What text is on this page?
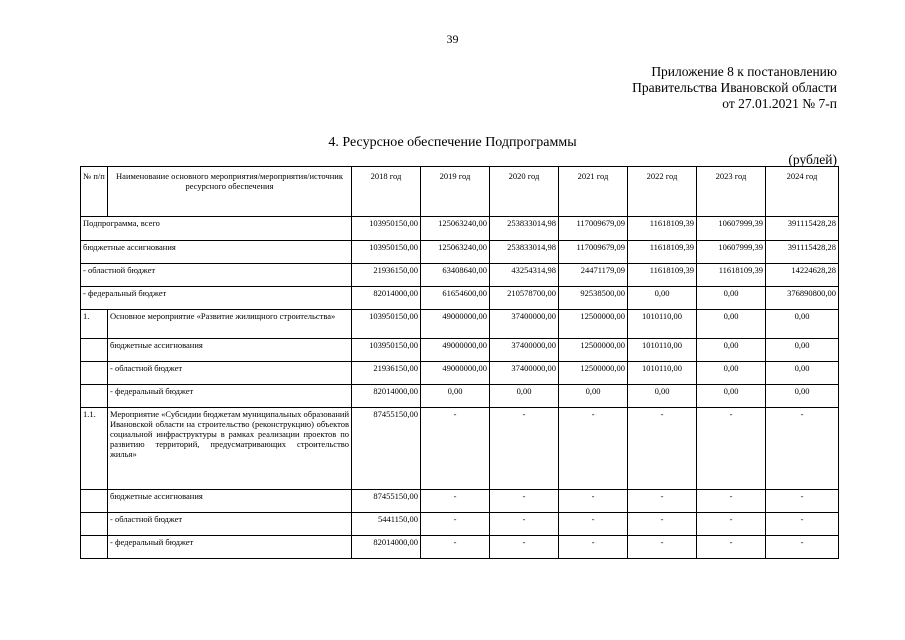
39
Приложение 8 к постановлению
Правительства Ивановской области
от 27.01.2021 № 7-п
4. Ресурсное обеспечение Подпрограммы
(рублей)
№ п/п	Наименование основного мероприятия/мероприятия/источник ресурсного обеспечения	2018 год	2019 год	2020 год	2021 год	2022 год	2023 год	2024 год
Подпрограмма, всего		103950150,00	125063240,00	253833014,98	117009679,09	11618109,39	10607999,39	391115428,28
бюджетные ассигнования		103950150,00	125063240,00	253833014,98	117009679,09	11618109,39	10607999,39	391115428,28
- областной бюджет		21936150,00	63408640,00	43254314,98	24471179,09	11618109,39	11618109,39	14224628,28
- федеральный бюджет		82014000,00	61654600,00	210578700,00	92538500,00	0,00	0,00	376890800,00
1.	Основное мероприятие «Развитие жилищного строительства»	103950150,00	49000000,00	37400000,00	12500000,00	1010110,00	0,00	0,00
	бюджетные ассигнования	103950150,00	49000000,00	37400000,00	12500000,00	1010110,00	0,00	0,00
	- областной бюджет	21936150,00	49000000,00	37400000,00	12500000,00	1010110,00	0,00	0,00
	- федеральный бюджет	82014000,00	0,00	0,00	0,00	0,00	0,00	0,00
1.1.	Мероприятие «Субсидии бюджетам муниципальных образований Ивановской области на строительство (реконструкцию) объектов социальной инфраструктуры в рамках реализации проектов по развитию территорий, предусматривающих строительство жилья»	87455150,00	-	-	-	-	-	-
	бюджетные ассигнования	87455150,00	-	-	-	-	-	-
	- областной бюджет	5441150,00	-	-	-	-	-	-
	- федеральный бюджет	82014000,00	-	-	-	-	-	-
